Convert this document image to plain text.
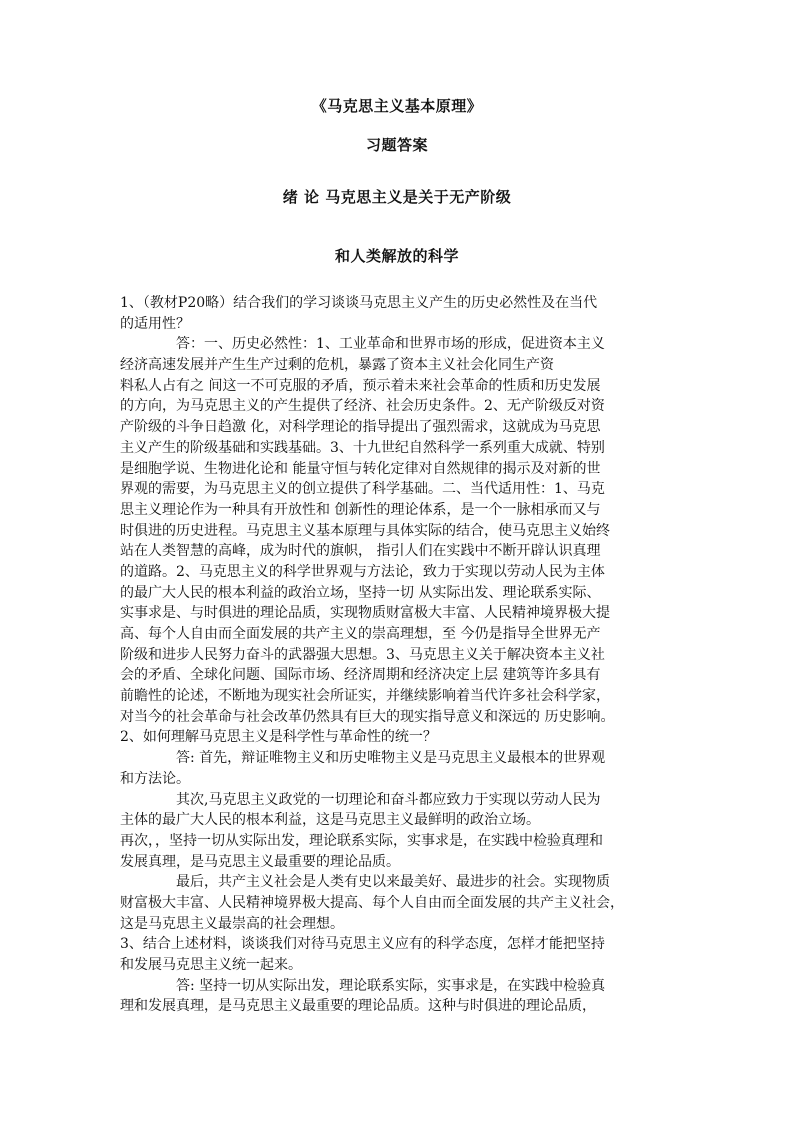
《马克思主义基本原理》
习题答案
绪 论 马克思主义是关于无产阶级
和人类解放的科学
1、（教材P20略）结合我们的学习谈谈马克思主义产生的历史必然性及在当代
的适用性？
答：一、历史必然性：1、工业革命和世界市场的形成，促进资本主义
经济高速发展并产生生产过剩的危机，暴露了资本主义社会化同生产资
料私人占有之 间这一不可克服的矛盾，预示着未来社会革命的性质和历史发展
的方向，为马克思主义的产生提供了经济、社会历史条件。2、无产阶级反对资
产阶级的斗争日趋激 化，对科学理论的指导提出了强烈需求，这就成为马克思
主义产生的阶级基础和实践基础。3、十九世纪自然科学一系列重大成就、特别
是细胞学说、生物进化论和 能量守恒与转化定律对自然规律的揭示及对新的世
界观的需要，为马克思主义的创立提供了科学基础。二、当代适用性：1、马克
思主义理论作为一种具有开放性和 创新性的理论体系，是一个一脉相承而又与
时俱进的历史进程。马克思主义基本原理与具体实际的结合，使马克思主义始终
站在人类智慧的高峰，成为时代的旗帜， 指引人们在实践中不断开辟认识真理
的道路。2、马克思主义的科学世界观与方法论，致力于实现以劳动人民为主体
的最广大人民的根本利益的政治立场，坚持一切 从实际出发、理论联系实际、
实事求是、与时俱进的理论品质，实现物质财富极大丰富、人民精神境界极大提
高、每个人自由而全面发展的共产主义的崇高理想，至 今仍是指导全世界无产
阶级和进步人民努力奋斗的武器强大思想。3、马克思主义关于解决资本主义社
会的矛盾、全球化问题、国际市场、经济周期和经济决定上层 建筑等许多具有
前瞻性的论述，不断地为现实社会所证实，并继续影响着当代许多社会科学家，
对当今的社会革命与社会改革仍然具有巨大的现实指导意义和深远的 历史影响。
2、如何理解马克思主义是科学性与革命性的统一？
答: 首先，辩证唯物主义和历史唯物主义是马克思主义最根本的世界观
和方法论。
其次,马克思主义政党的一切理论和奋斗都应致力于实现以劳动人民为
主体的最广大人民的根本利益，这是马克思主义最鲜明的政治立场。
再次，，坚持一切从实际出发，理论联系实际，实事求是，在实践中检验真理和
发展真理，是马克思主义最重要的理论品质。
最后，共产主义社会是人类有史以来最美好、最进步的社会。实现物质
财富极大丰富、人民精神境界极大提高、每个人自由而全面发展的共产主义社会，
这是马克思主义最崇高的社会理想。
3、结合上述材料，谈谈我们对待马克思主义应有的科学态度，怎样才能把坚持
和发展马克思主义统一起来。
答: 坚持一切从实际出发，理论联系实际，实事求是，在实践中检验真
理和发展真理，是马克思主义最重要的理论品质。这种与时俱进的理论品质，
